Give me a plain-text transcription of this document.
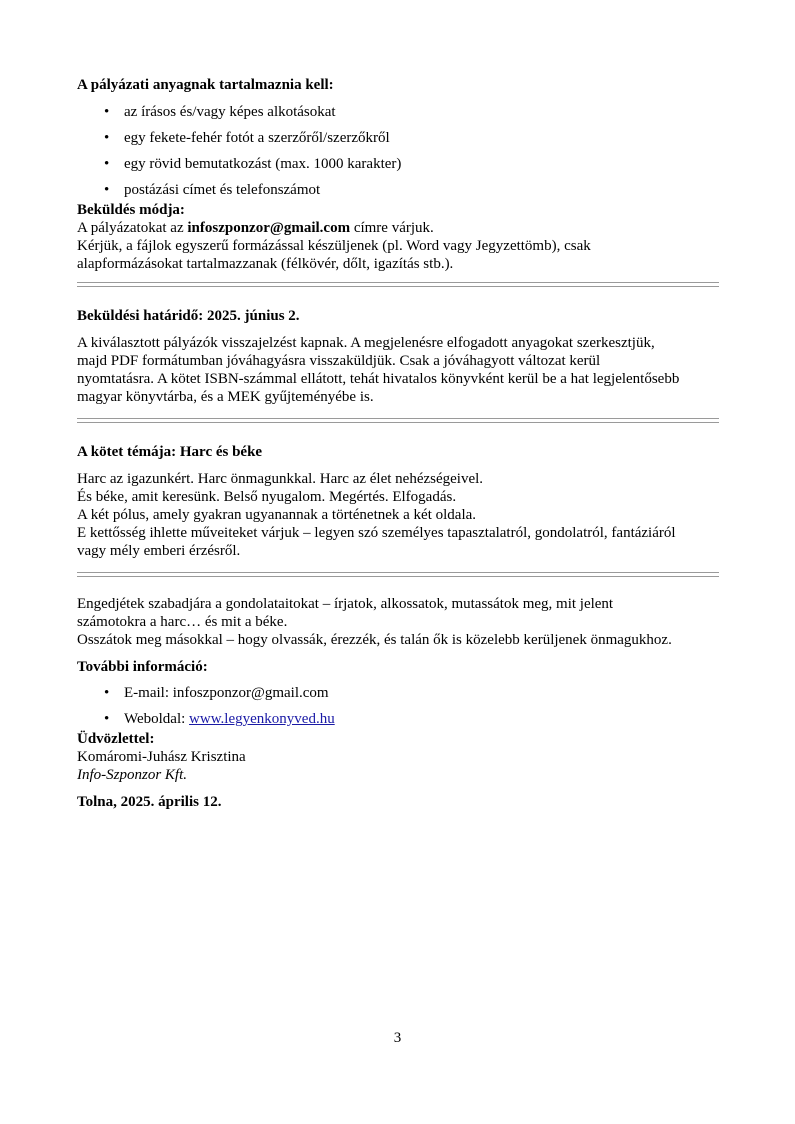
A pályázati anyagnak tartalmaznia kell:

• az írásos és/vagy képes alkotásokat
• egy fekete-fehér fotót a szerzőről/szerzőkről
• egy rövid bemutatkozást (max. 1000 karakter)
• postázási címet és telefonszámot

Beküldés módja:

A pályázatokat az infoszponzor@gmail.com címre várjuk.

Kérjük, a fájlok egyszerű formázással készüljenek (pl. Word vagy Jegyzettömb), csak

alapformázásokat tartalmazzanak (félkövér, dőlt, igazítás stb.).

Beküldési határidő: 2025. június 2.

A kiválasztott pályázók visszajelzést kapnak. A megjelenésre elfogadott anyagokat szerkesztjük,

majd PDF formátumban jóváhagyásra visszaküldjük. Csak a jóváhagyott változat kerül

nyomtatásra. A kötet ISBN-számmal ellátott, tehát hivatalos könyvként kerül be a hat legjelentősebb

magyar könyvtárba, és a MEK gyűjteményébe is.

A kötet témája: Harc és béke

Harc az igazunkért. Harc önmagunkkal. Harc az élet nehézségeivel.

És béke, amit keresünk. Belső nyugalom. Megértés. Elfogadás.

A két pólus, amely gyakran ugyanannak a történetnek a két oldala.

E kettősség ihlette műveiteket várjuk – legyen szó személyes tapasztalatról, gondolatról, fantáziáról

vagy mély emberi érzésről.

Engedjétek szabadjára a gondolataitokat – írjatok, alkossatok, mutassátok meg, mit jelent

számotokra a harc… és mit a béke.

Osszátok meg másokkal – hogy olvassák, érezzék, és talán ők is közelebb kerüljenek önmagukhoz.

További információ:

• E-mail: infoszponzor@gmail.com
• Weboldal: www.legyenkonyved.hu

Üdvözlettel:

Komáromi-Juhász Krisztina

Info-Szponzor Kft.

Tolna, 2025. április 12.

3
